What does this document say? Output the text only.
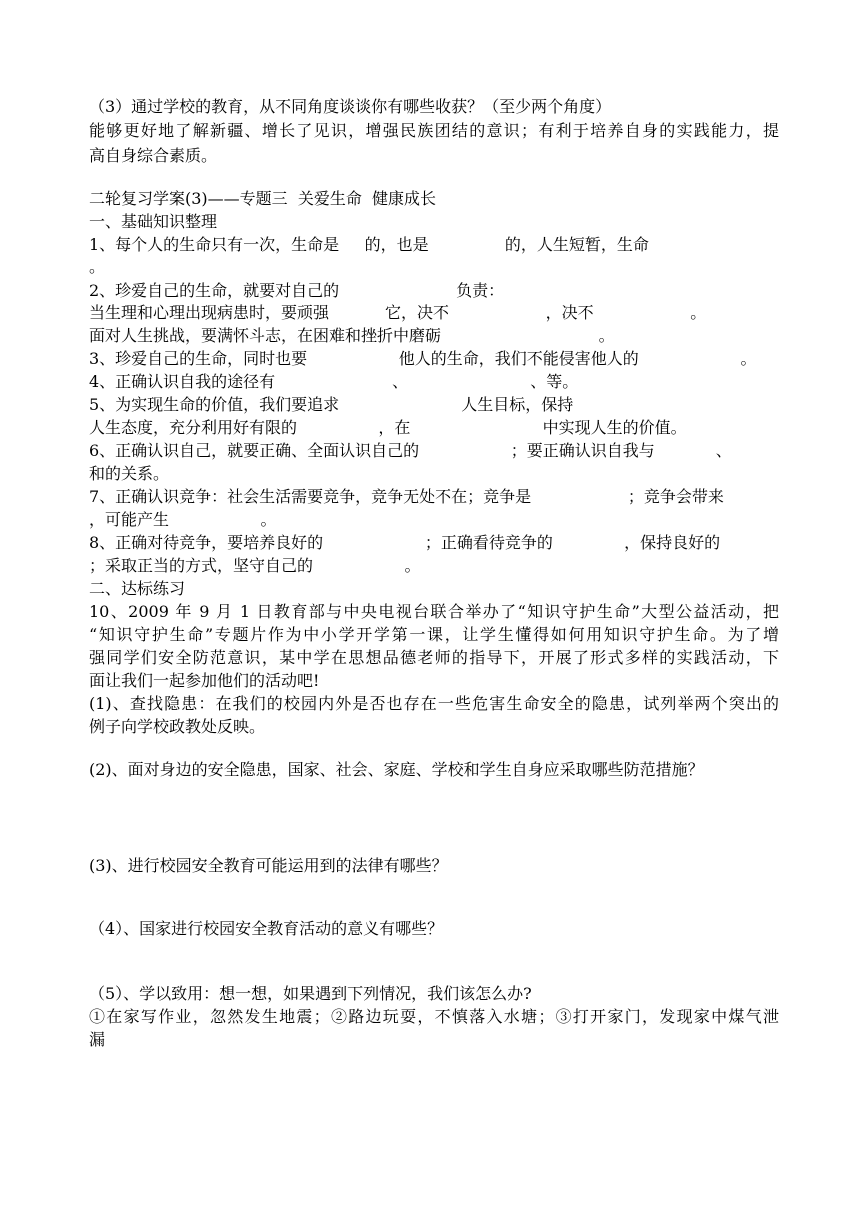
（3）通过学校的教育，从不同角度谈谈你有哪些收获？（至少两个角度）
能够更好地了解新疆、增长了见识，增强民族团结的意识；有利于培养自身的实践能力，提
高自身综合素质。
二轮复习学案(3)——专题三  关爱生命  健康成长
一、基础知识整理
1、每个人的生命只有一次，生命是     的，也是               的，人生短暂，生命
。
2、珍爱自己的生命，就要对自己的                       负责：
当生理和心理出现病患时，要顽强           它，决不                   ，决不                   。
面对人生挑战，要满怀斗志，在困难和挫折中磨砺                               。
3、珍爱自己的生命，同时也要                  他人的生命，我们不能侵害他人的                    。
4、正确认识自我的途径有                       、                        、等。
5、为实现生命的价值，我们要追求                        人生目标，保持
人生态度，充分利用好有限的                ，在                          中实现人生的价值。
6、正确认识自己，就要正确、全面认识自己的                  ；要正确认识自我与            、
和的关系。
7、正确认识竞争：社会生活需要竞争，竞争无处不在；竞争是                   ；竞争会带来
，可能产生                  。
8、正确对待竞争，要培养良好的                    ；正确看待竞争的              ，保持良好的
；采取正当的方式，坚守自己的                  。
二、达标练习
10、2009 年 9 月 1 日教育部与中央电视台联合举办了“知识守护生命”大型公益活动，把
“知识守护生命”专题片作为中小学开学第一课，让学生懂得如何用知识守护生命。为了增
强同学们安全防范意识，某中学在思想品德老师的指导下，开展了形式多样的实践活动，下
面让我们一起参加他们的活动吧!
(1)、查找隐患：在我们的校园内外是否也存在一些危害生命安全的隐患，试列举两个突出的
例子向学校政教处反映。
(2)、面对身边的安全隐患，国家、社会、家庭、学校和学生自身应采取哪些防范措施？
(3)、进行校园安全教育可能运用到的法律有哪些？
（4）、国家进行校园安全教育活动的意义有哪些？
（5）、学以致用：想一想，如果遇到下列情况，我们该怎么办?
①在家写作业，忽然发生地震；②路边玩耍，不慎落入水塘；③打开家门，发现家中煤气泄
漏
